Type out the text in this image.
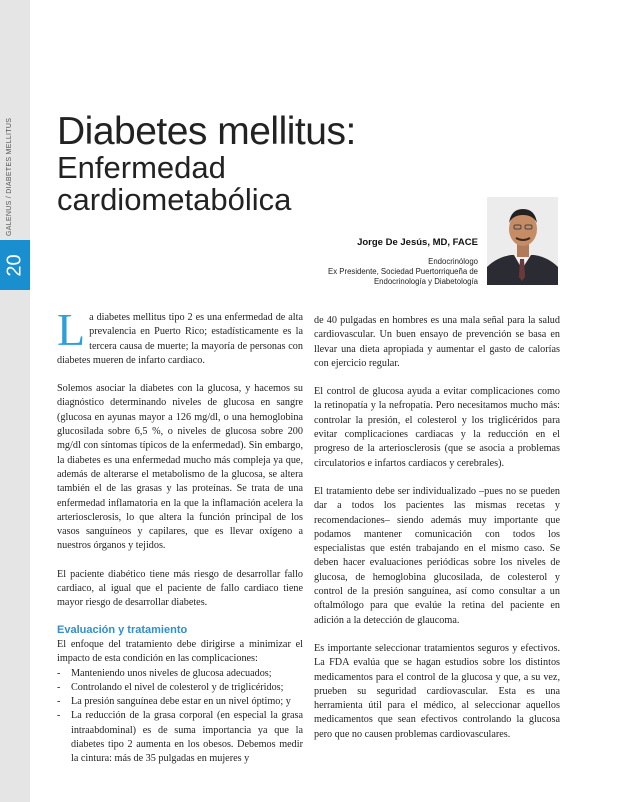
20
GALENUS / DIABETES MELLITUS Diabetes mellitus:
Enfermedad
cardiometabólica
Jorge De Jesús, MD, FACE
Endocrinólogo
Ex Presidente, Sociedad Puertorriqueña de
Endocrinología y Diabetología

La diabetes mellitus tipo 2 es una enfermedad de alta prevalencia en Puerto Rico; estadísticamente es la tercera causa de muerte; la mayoría de personas con diabetes mueren de infarto cardiaco.

Solemos asociar la diabetes con la glucosa, y hacemos su diagnóstico determinando niveles de glucosa en sangre (glucosa en ayunas mayor a 126 mg/dl, o una hemoglobina glucosilada sobre 6,5 %, o niveles de glucosa sobre 200 mg/dl con síntomas típicos de la enfermedad). Sin embargo, la diabetes es una enfermedad mucho más compleja ya que, además de alterarse el metabolismo de la glucosa, se altera también el de las grasas y las proteínas. Se trata de una enfermedad inflamatoria en la que la inflamación acelera la arteriosclerosis, lo que altera la función principal de los vasos sanguíneos y capilares, que es llevar oxígeno a nuestros órganos y tejidos.

El paciente diabético tiene más riesgo de desarrollar fallo cardiaco, al igual que el paciente de fallo cardiaco tiene mayor riesgo de desarrollar diabetes.

Evaluación y tratamiento
El enfoque del tratamiento debe dirigirse a minimizar el impacto de esta condición en las complicaciones:
- Manteniendo unos niveles de glucosa adecuados;
- Controlando el nivel de colesterol y de triglicéridos;
- La presión sanguínea debe estar en un nivel óptimo; y
- La reducción de la grasa corporal (en especial la grasa intraabdominal) es de suma importancia ya que la diabetes tipo 2 aumenta en los obesos. Debemos medir la cintura: más de 35 pulgadas en mujeres y

de 40 pulgadas en hombres es una mala señal para la salud cardiovascular. Un buen ensayo de prevención se basa en llevar una dieta apropiada y aumentar el gasto de calorías con ejercicio regular.

El control de glucosa ayuda a evitar complicaciones como la retinopatía y la nefropatía. Pero necesitamos mucho más: controlar la presión, el colesterol y los triglicéridos para evitar complicaciones cardiacas y la reducción en el progreso de la arteriosclerosis (que se asocia a problemas circulatorios e infartos cardiacos y cerebrales).

El tratamiento debe ser individualizado –pues no se pueden dar a todos los pacientes las mismas recetas y recomendaciones– siendo además muy importante que podamos mantener comunicación con todos los especialistas que estén trabajando en el mismo caso. Se deben hacer evaluaciones periódicas sobre los niveles de glucosa, de hemoglobina glucosilada, de colesterol y control de la presión sanguínea, así como consultar a un oftalmólogo para que evalúe la retina del paciente en adición a la detección de glaucoma.

Es importante seleccionar tratamientos seguros y efectivos. La FDA evalúa que se hagan estudios sobre los distintos medicamentos para el control de la glucosa y que, a su vez, prueben su seguridad cardiovascular. Esta es una herramienta útil para el médico, al seleccionar aquellos medicamentos que sean efectivos controlando la glucosa pero que no causen problemas cardiovasculares.
